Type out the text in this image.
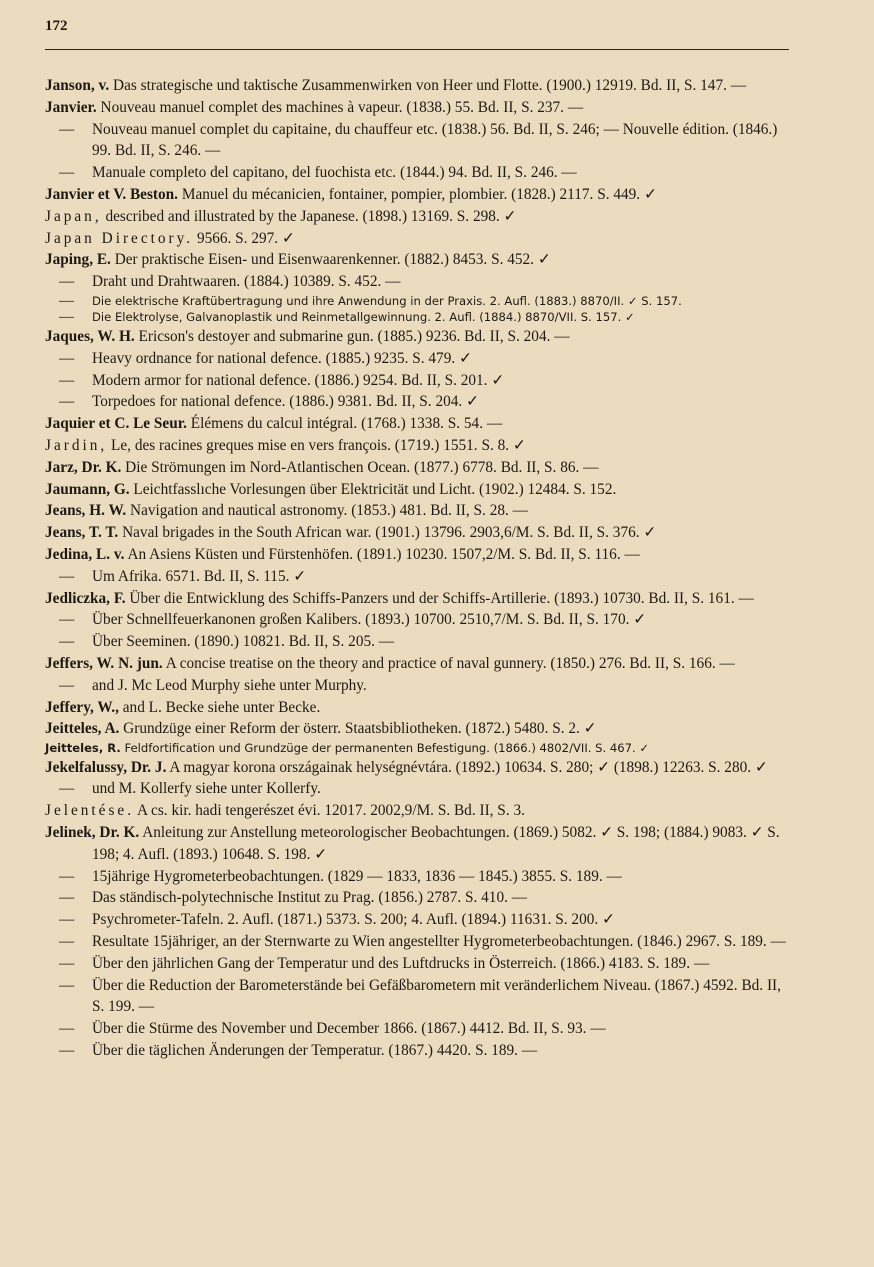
172
Janson, v. Das strategische und taktische Zusammenwirken von Heer und Flotte. (1900.) 12919. Bd. II, S. 147. —
Janvier. Nouveau manuel complet des machines à vapeur. (1838.) 55. Bd. II, S. 237. —
— Nouveau manuel complet du capitaine, du chauffeur etc. (1838.) 56. Bd. II, S. 246; — Nouvelle édition. (1846.) 99. Bd. II, S. 246. —
— Manuale completo del capitano, del fuochista etc. (1844.) 94. Bd. II, S. 246. —
Janvier et V. Beston. Manuel du mécanicien, fontainer, pompier, plombier. (1828.) 2117. S. 449. ✓
Japan, described and illustrated by the Japanese. (1898.) 13169. S. 298. ✓
Japan Directory. 9566. S. 297. ✓
Japing, E. Der praktische Eisen- und Eisenwaarenkenner. (1882.) 8453. S. 452. ✓
— Draht und Drahtwaaren. (1884.) 10389. S. 452. —
— Die elektrische Kraftübertragung und ihre Anwendung in der Praxis. 2. Aufl. (1883.) 8870/II. ✓ S. 157.
— Die Elektrolyse, Galvanoplastik und Reinmetallgewinnung. 2. Aufl. (1884.) 8870/VII. S. 157. ✓
Jaques, W. H. Ericson's destoyer and submarine gun. (1885.) 9236. Bd. II, S. 204. —
— Heavy ordnance for national defence. (1885.) 9235. S. 479. ✓
— Modern armor for national defence. (1886.) 9254. Bd. II, S. 201. ✓
— Torpedoes for national defence. (1886.) 9381. Bd. II, S. 204. ✓
Jaquier et C. Le Seur. Élémens du calcul intégral. (1768.) 1338. S. 54. —
Jardin, Le, des racines greques mise en vers françois. (1719.) 1551. S. 8. ✓
Jarz, Dr. K. Die Strömungen im Nord-Atlantischen Ocean. (1877.) 6778. Bd. II, S. 86. —
Jaumann, G. Leichtfasslıche Vorlesungen über Elektricität und Licht. (1902.) 12484. S. 152.
Jeans, H. W. Navigation and nautical astronomy. (1853.) 481. Bd. II, S. 28. —
Jeans, T. T. Naval brigades in the South African war. (1901.) 13796. 2903,6/M. S. Bd. II, S. 376. ✓
Jedina, L. v. An Asiens Küsten und Fürstenhöfen. (1891.) 10230. 1507,2/M. S. Bd. II, S. 116. —
— Um Afrika. 6571. Bd. II, S. 115. ✓
Jedliczka, F. Über die Entwicklung des Schiffs-Panzers und der Schiffs-Artillerie. (1893.) 10730. Bd. II, S. 161. —
— Über Schnellfeuerkanonen großen Kalibers. (1893.) 10700. 2510,7/M. S. Bd. II, S. 170. ✓
— Über Seeminen. (1890.) 10821. Bd. II, S. 205. —
Jeffers, W. N. jun. A concise treatise on the theory and practice of naval gunnery. (1850.) 276. Bd. II, S. 166. —
— and J. Mc Leod Murphy siehe unter Murphy.
Jeffery, W., and L. Becke siehe unter Becke.
Jeitteles, A. Grundzüge einer Reform der österr. Staatsbibliotheken. (1872.) 5480. S. 2. ✓
Jeitteles, R. Feldfortification und Grundzüge der permanenten Befestigung. (1866.) 4802/VII. S. 467. ✓
Jekelfalussy, Dr. J. A magyar korona országainak helységnévtára. (1892.) 10634. S. 280; ✓ (1898.) 12263. S. 280. ✓
— und M. Kollerfy siehe unter Kollerfy.
Jelentése. A cs. kir. hadi tengerészet évi. 12017. 2002,9/M. S. Bd. II, S. 3.
Jelinek, Dr. K. Anleitung zur Anstellung meteorologischer Beobachtungen. (1869.) 5082. ✓ S. 198; (1884.) 9083. ✓ S. 198; 4. Aufl. (1893.) 10648. S. 198. ✓
— 15jährige Hygrometerbeobachtungen. (1829 — 1833, 1836 — 1845.) 3855. S. 189. —
— Das ständisch-polytechnische Institut zu Prag. (1856.) 2787. S. 410. —
— Psychrometer-Tafeln. 2. Aufl. (1871.) 5373. S. 200; 4. Aufl. (1894.) 11631. S. 200. ✓
— Resultate 15jähriger, an der Sternwarte zu Wien angestellter Hygrometerbeobachtungen. (1846.) 2967. S. 189. —
— Über den jährlichen Gang der Temperatur und des Luftdrucks in Österreich. (1866.) 4183. S. 189. —
— Über die Reduction der Barometerstände bei Gefäßbarometern mit veränderlichem Niveau. (1867.) 4592. Bd. II, S. 199. —
— Über die Stürme des November und December 1866. (1867.) 4412. Bd. II, S. 93. —
— Über die täglichen Änderungen der Temperatur. (1867.) 4420. S. 189. —
